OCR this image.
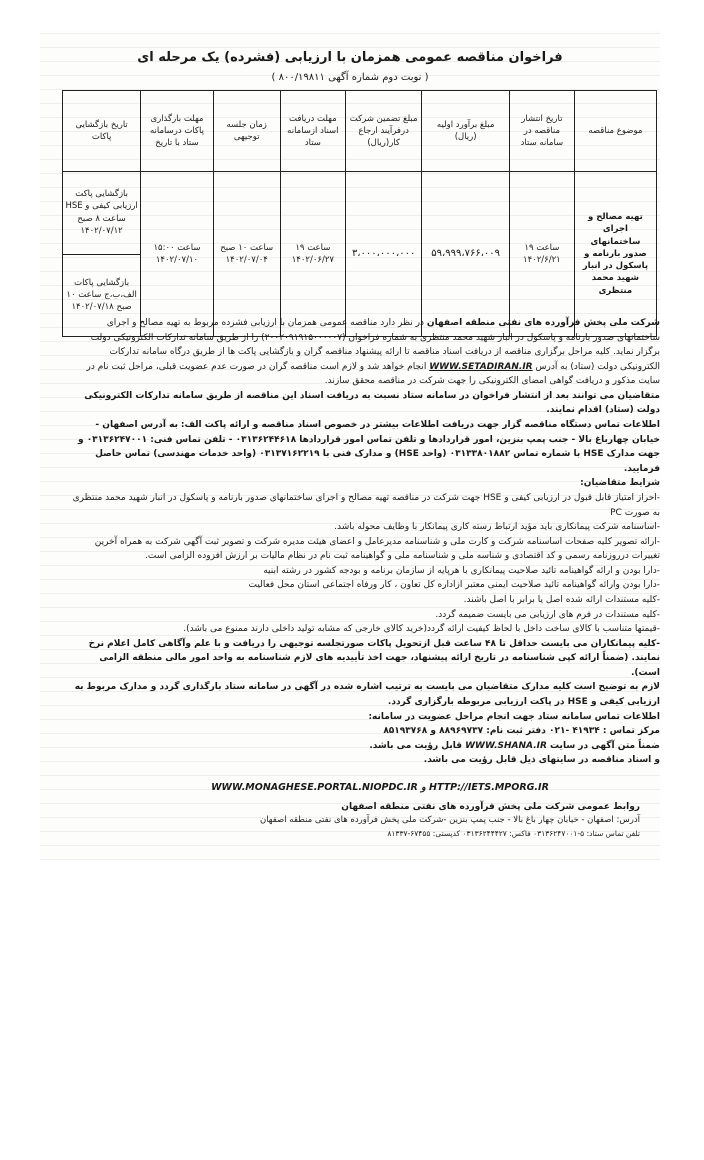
فراخوان مناقصه عمومی همزمان با ارزیابی (فشرده) یک مرحله ای
( نوبت دوم شماره آگهی ۸۰۰/۱۹۸۱۱ )
موضوع مناقصه	تاریخ انتشار مناقصه در سامانه ستاد	مبلغ برآورد اولیه (ریال)	مبلغ تضمین شرکت درفرآیند ارجاع کار(ریال)	مهلت دریافت اسناد ازسامانه ستاد	زمان جلسه توجیهی	مهلت بارگذاری پاکات درسامانه ستاد با تاریخ	تاریخ بازگشایی پاکات
تهیه مصالح و اجرای ساختمانهای صدور بارنامه و پاسکول در انبار شهید محمد منتظری	ساعت ۱۹ ۱۴۰۲/۶/۲۱	۵۹،۹۹۹،۷۶۶،۰۰۹	۳،۰۰۰،۰۰۰،۰۰۰	ساعت ۱۹ ۱۴۰۲/۰۶/۲۷	ساعت ۱۰ صبح ۱۴۰۲/۰۷/۰۴	ساعت ۱۵:۰۰ ۱۴۰۲/۰۷/۱۰	بازگشایی پاکت ارزیابی کیفی و HSE ساعت ۸ صبح ۱۴۰۲/۰۷/۱۲
بازگشایی پاکات الف،ب،ج ساعت ۱۰ صبح ۱۴۰۲/۰۷/۱۸

شرکت ملی پخش فرآورده های نفتی منطقه اصفهان در نظر دارد مناقصه عمومی همزمان با ارزیابی فشرده مربوط به تهیه مصالح و اجرای ساختمانهای صدور بارنامه و پاسکول در انبار شهید محمد منتظری به شماره فراخوان (۲۰۰۲۰۹۱۹۱۵۰۰۰۰۰۷) را از طریق سامانه تدارکات الکترونیکی دولت برگزار نماید. کلیه مراحل برگزاری مناقصه از دریافت اسناد مناقصه تا ارائه پیشنهاد مناقصه گران و بازگشایی پاکت ها از طریق درگاه سامانه تدارکات الکترونیکی دولت (ستاد) به آدرس WWW.SETADIRAN.IR انجام خواهد شد و لازم است مناقصه گران در صورت عدم عضویت قبلی، مراحل ثبت نام در سایت مذکور و دریافت گواهی امضای الکترونیکی را جهت شرکت در مناقصه محقق سازند.

متقاضیان می توانند بعد از انتشار فراخوان در سامانه ستاد نسبت به دریافت اسناد این مناقصه از طریق سامانه تدارکات الکترونیکی دولت (ستاد) اقدام نمایند.

اطلاعات تماس دستگاه مناقصه گزار جهت دریافت اطلاعات بیشتر در خصوص اسناد مناقصه و ارائه پاکت الف: به آدرس اصفهان - خیابان چهارباغ بالا - جنب پمپ بنزین، امور قراردادها و تلفن تماس امور قراردادها ۰۳۱۳۶۲۴۴۶۱۸ - تلفن تماس فنی: ۰۳۱۳۶۲۴۷۰۰۱ و جهت مدارک HSE با شماره تماس ۰۳۱۳۳۸۰۱۸۸۲ (واحد HSE) و مدارک فنی با ۰۳۱۳۷۱۶۲۲۱۹ (واحد خدمات مهندسی) تماس حاصل فرمایید.

شرایط متقاضیان:

-احراز امتیاز قابل قبول در ارزیابی کیفی و HSE جهت شرکت در مناقصه تهیه مصالح و اجرای ساختمانهای صدور بارنامه و پاسکول در انبار شهید محمد منتظری به صورت PC

-اساسنامه شرکت پیمانکاری باید مؤید ارتباط رسته کاری پیمانکار با وظایف محوله باشد.

-ارائه تصویر کلیه صفحات اساسنامه شرکت و کارت ملی و شناسنامه مدیرعامل و اعضای هیئت مدیره شرکت و تصویر ثبت آگهی شرکت به همراه آخرین تغییرات درروزنامه رسمی و کد اقتصادی و شناسه ملی و شناسنامه ملی و گواهینامه ثبت نام در نظام مالیات بر ارزش افزوده الزامی است.

-دارا بودن و ارائه گواهینامه تائید صلاحیت پیمانکاری با هرپایه از سازمان برنامه و بودجه کشور در رشته ابنیه

-دارا بودن وارائه گواهینامه تائید صلاحیت ایمنی معتبر ازاداره کل تعاون ، کار ورفاه اجتماعی استان محل فعالیت

-کلیه مستندات ارائه شده اصل یا برابر با اصل باشند.

-کلیه مستندات در فرم های ارزیابی می بایست ضمیمه گردد.

-قیمتها متناسب با کالای ساخت داخل با لحاظ کیفیت ارائه گردد(خرید کالای خارجی که مشابه تولید داخلی دارند ممنوع می باشد).

-کلیه پیمانکاران می بایست حداقل تا ۴۸ ساعت قبل ازتحویل پاکات صورتجلسه توجیهی را دریافت و با علم وآگاهی کامل اعلام نرخ نمایند. (ضمناً ارائه کپی شناسنامه در تاریخ ارائه پیشنهاد، جهت اخذ تأییدیه های لازم شناسنامه به واحد امور مالی منطقه الزامی است).

لازم به توضیح است کلیه مدارک متقاضیان می بایست به ترتیب اشاره شده در آگهی در سامانه ستاد بارگذاری گردد و مدارک مربوط به ارزیابی کیفی و HSE در پاکت ارزیابی مربوطه بارگزاری گردد.

اطلاعات تماس سامانه ستاد جهت انجام مراحل عضویت در سامانه:

مرکز تماس : ۴۱۹۳۴ -۰۲۱ دفتر ثبت نام: ۸۸۹۶۹۷۳۷ و ۸۵۱۹۳۷۶۸

ضمناً متن آگهی در سایت WWW.SHANA.IR قابل رؤیت می باشد.

و اسناد مناقصه در سایتهای ذیل قابل رؤیت می باشد.

WWW.MONAGHESE.PORTAL.NIOPDC.IR و HTTP://IETS.MPORG.IR
روابط عمومی شرکت ملی پخش فرآورده های نفتی منطقه اصفهان
آدرس: اصفهان - خیابان چهار باغ بالا - جنب پمپ بنزین -شرکت ملی پخش فرآورده های نفتی منطقه اصفهان
تلفن تماس ستاد: ۵-۰۳۱۳۶۲۴۷۰۰۱ فاکس: ۰۳۱۳۶۲۴۴۴۲۷ کدپستی: ۶۷۴۵۵-۸۱۳۳۷
